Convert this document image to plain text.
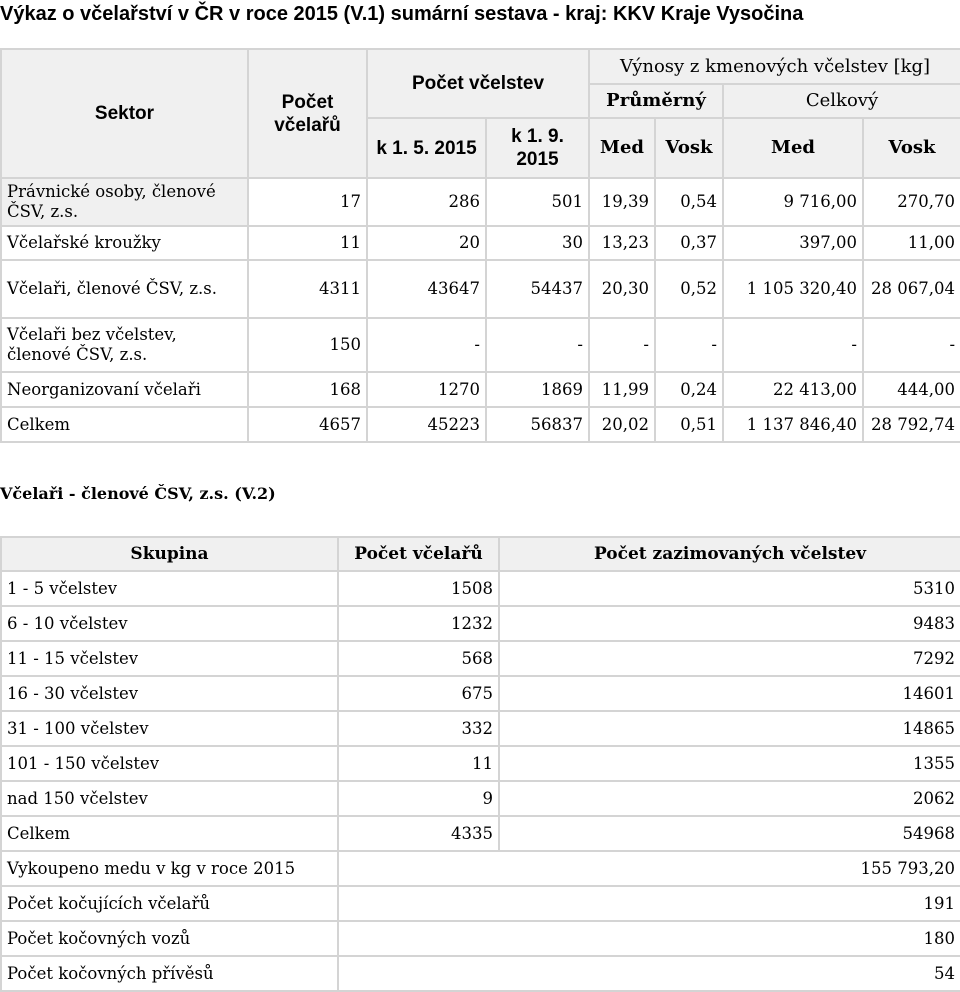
Výkaz o včelařství v ČR v roce 2015 (V.1) sumární sestava - kraj: KKV Kraje Vysočina
Sektor	Počet včelařů	Počet včelstev		Výnosy z kmenových včelstev [kg]			
				Průměrný		Celkový	
		k 1. 5. 2015	k 1. 9. 2015	Med	Vosk	Med	Vosk
Právnické osoby, členové ČSV, z.s.	17	286	501	19,39	0,54	9 716,00	270,70
Včelařské kroužky	11	20	30	13,23	0,37	397,00	11,00
Včelaři, členové ČSV, z.s.	4311	43647	54437	20,30	0,52	1 105 320,40	28 067,04
Včelaři bez včelstev, členové ČSV, z.s.	150	-	-	-	-	-	-
Neorganizovaní včelaři	168	1270	1869	11,99	0,24	22 413,00	444,00
Celkem	4657	45223	56837	20,02	0,51	1 137 846,40	28 792,74
Včelaři - členové ČSV, z.s. (V.2)
Skupina	Počet včelařů	Počet zazimovaných včelstev
1 - 5 včelstev	1508	5310
6 - 10 včelstev	1232	9483
11 - 15 včelstev	568	7292
16 - 30 včelstev	675	14601
31 - 100 včelstev	332	14865
101 - 150 včelstev	11	1355
nad 150 včelstev	9	2062
Celkem	4335	54968
Vykoupeno medu v kg v roce 2015	155 793,20	
Počet kočujících včelařů	191	
Počet kočovných vozů	180	
Počet kočovných přívěsů	54	
